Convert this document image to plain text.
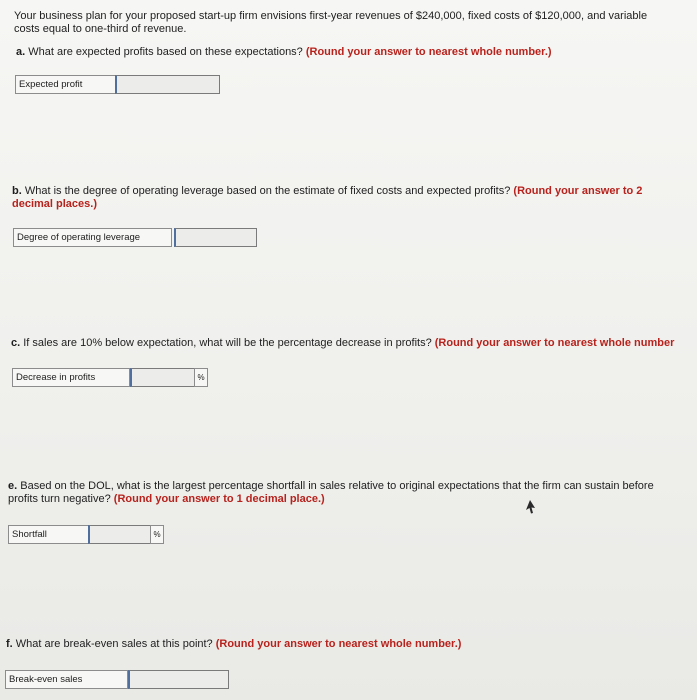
Your business plan for your proposed start-up firm envisions first-year revenues of $240,000, fixed costs of $120,000, and variable
costs equal to one-third of revenue.
a. What are expected profits based on these expectations? (Round your answer to nearest whole number.)
Expected profit
b. What is the degree of operating leverage based on the estimate of fixed costs and expected profits? (Round your answer to 2
decimal places.)
Degree of operating leverage
c. If sales are 10% below expectation, what will be the percentage decrease in profits? (Round your answer to nearest whole number
Decrease in profits	%
e. Based on the DOL, what is the largest percentage shortfall in sales relative to original expectations that the firm can sustain before
profits turn negative? (Round your answer to 1 decimal place.)
Shortfall	%
f. What are break-even sales at this point? (Round your answer to nearest whole number.)
Break-even sales
